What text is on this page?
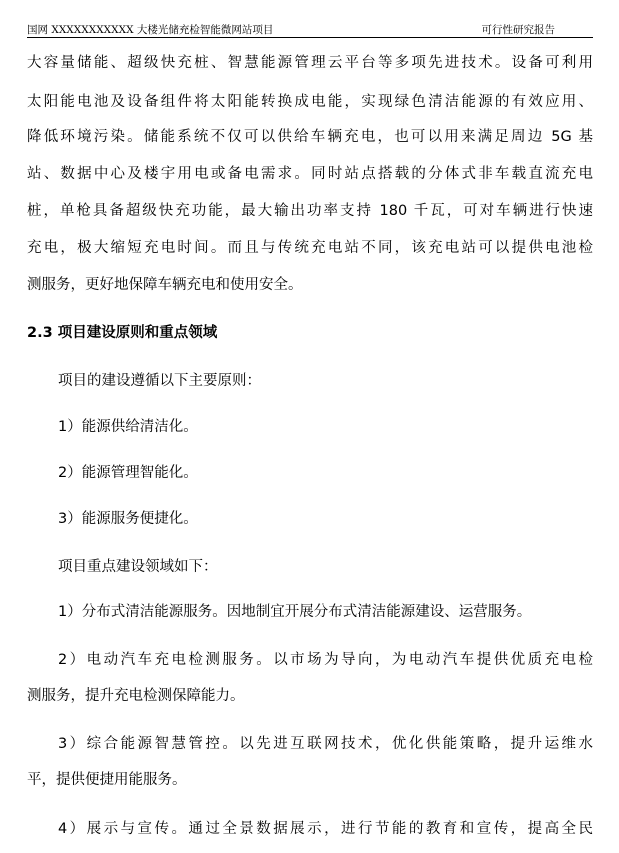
国网 XXXXXXXXXXX 大楼光储充检智能微网站项目	可行性研究报告
大容量储能、超级快充桩、智慧能源管理云平台等多项先进技术。设备可利用
太阳能电池及设备组件将太阳能转换成电能，实现绿色清洁能源的有效应用、
降低环境污染。储能系统不仅可以供给车辆充电，也可以用来满足周边 5G 基
站、数据中心及楼宇用电或备电需求。同时站点搭载的分体式非车载直流充电
桩，单枪具备超级快充功能，最大输出功率支持 180 千瓦，可对车辆进行快速
充电，极大缩短充电时间。而且与传统充电站不同，该充电站可以提供电池检
测服务，更好地保障车辆充电和使用安全。
2.3 项目建设原则和重点领域
项目的建设遵循以下主要原则：
1）能源供给清洁化。
2）能源管理智能化。
3）能源服务便捷化。
项目重点建设领域如下：
1）分布式清洁能源服务。因地制宜开展分布式清洁能源建设、运营服务。
2）电动汽车充电检测服务。以市场为导向，为电动汽车提供优质充电检
测服务，提升充电检测保障能力。
3）综合能源智慧管控。以先进互联网技术，优化供能策略，提升运维水
平，提供便捷用能服务。
4）展示与宣传。通过全景数据展示，进行节能的教育和宣传，提高全民
